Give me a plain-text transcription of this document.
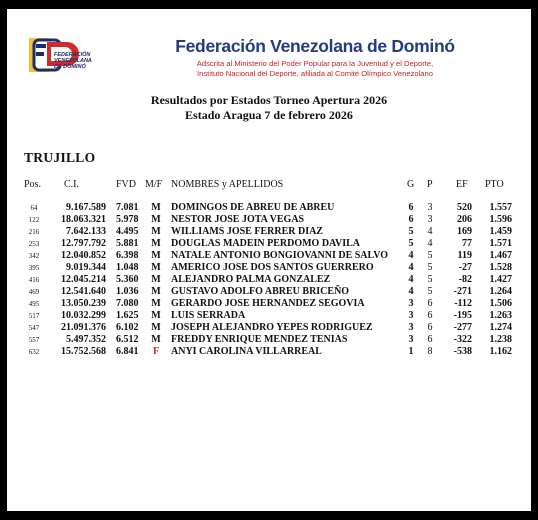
FEDERACIÓN
VENEZOLANA
DE DOMINÓ
Federación Venezolana de Dominó
Adscrita al Ministerio del Poder Popular para la Juventud y el Deporte,
Instituto Nacional del Deporte, afiliada al Comité Olímpico Venezolano
Resultados por Estados Torneo Apertura 2026
Estado Aragua 7 de febrero 2026
TRUJILLO
Pos. C.I.	FVD M/F NOMBRES y APELLIDOS	G P EF PTO
64	9.167.589 7.081 M DOMINGOS DE ABREU DE ABREU	6 3	520	1.557
122	18.063.321 5.978 M NESTOR JOSE JOTA VEGAS	6 3	206	1.596
216	7.642.133 4.495 M WILLIAMS JOSE FERRER DIAZ	5 4	169	1.459
253	12.797.792 5.881 M DOUGLAS MADEIN PERDOMO DAVILA	5 4	77	1.571
342	12.040.852 6.398 M NATALE ANTONIO BONGIOVANNI DE SALVO 4 5	119	1.467
395	9.019.344 1.048 M AMERICO JOSE DOS SANTOS GUERRERO	4 5	-27	1.528
416	12.045.214 5.360 M ALEJANDRO PALMA GONZALEZ	4 5	-82	1.427
469	12.541.640 1.036 M GUSTAVO ADOLFO ABREU BRICEÑO	4 5	-271	1.264
495	13.050.239 7.080 M GERARDO JOSE HERNANDEZ SEGOVIA	3 6	-112	1.506
517	10.032.299 1.625 M LUIS SERRADA	3 6	-195	1.263
547	21.091.376 6.102 M JOSEPH ALEJANDRO YEPES RODRIGUEZ	3 6	-277	1.274
557	5.497.352 6.512 M FREDDY ENRIQUE MENDEZ TENIAS	3 6	-322	1.238
632	15.752.568 6.841 F ANYI CAROLINA VILLARREAL	1 8	-538	1.162
